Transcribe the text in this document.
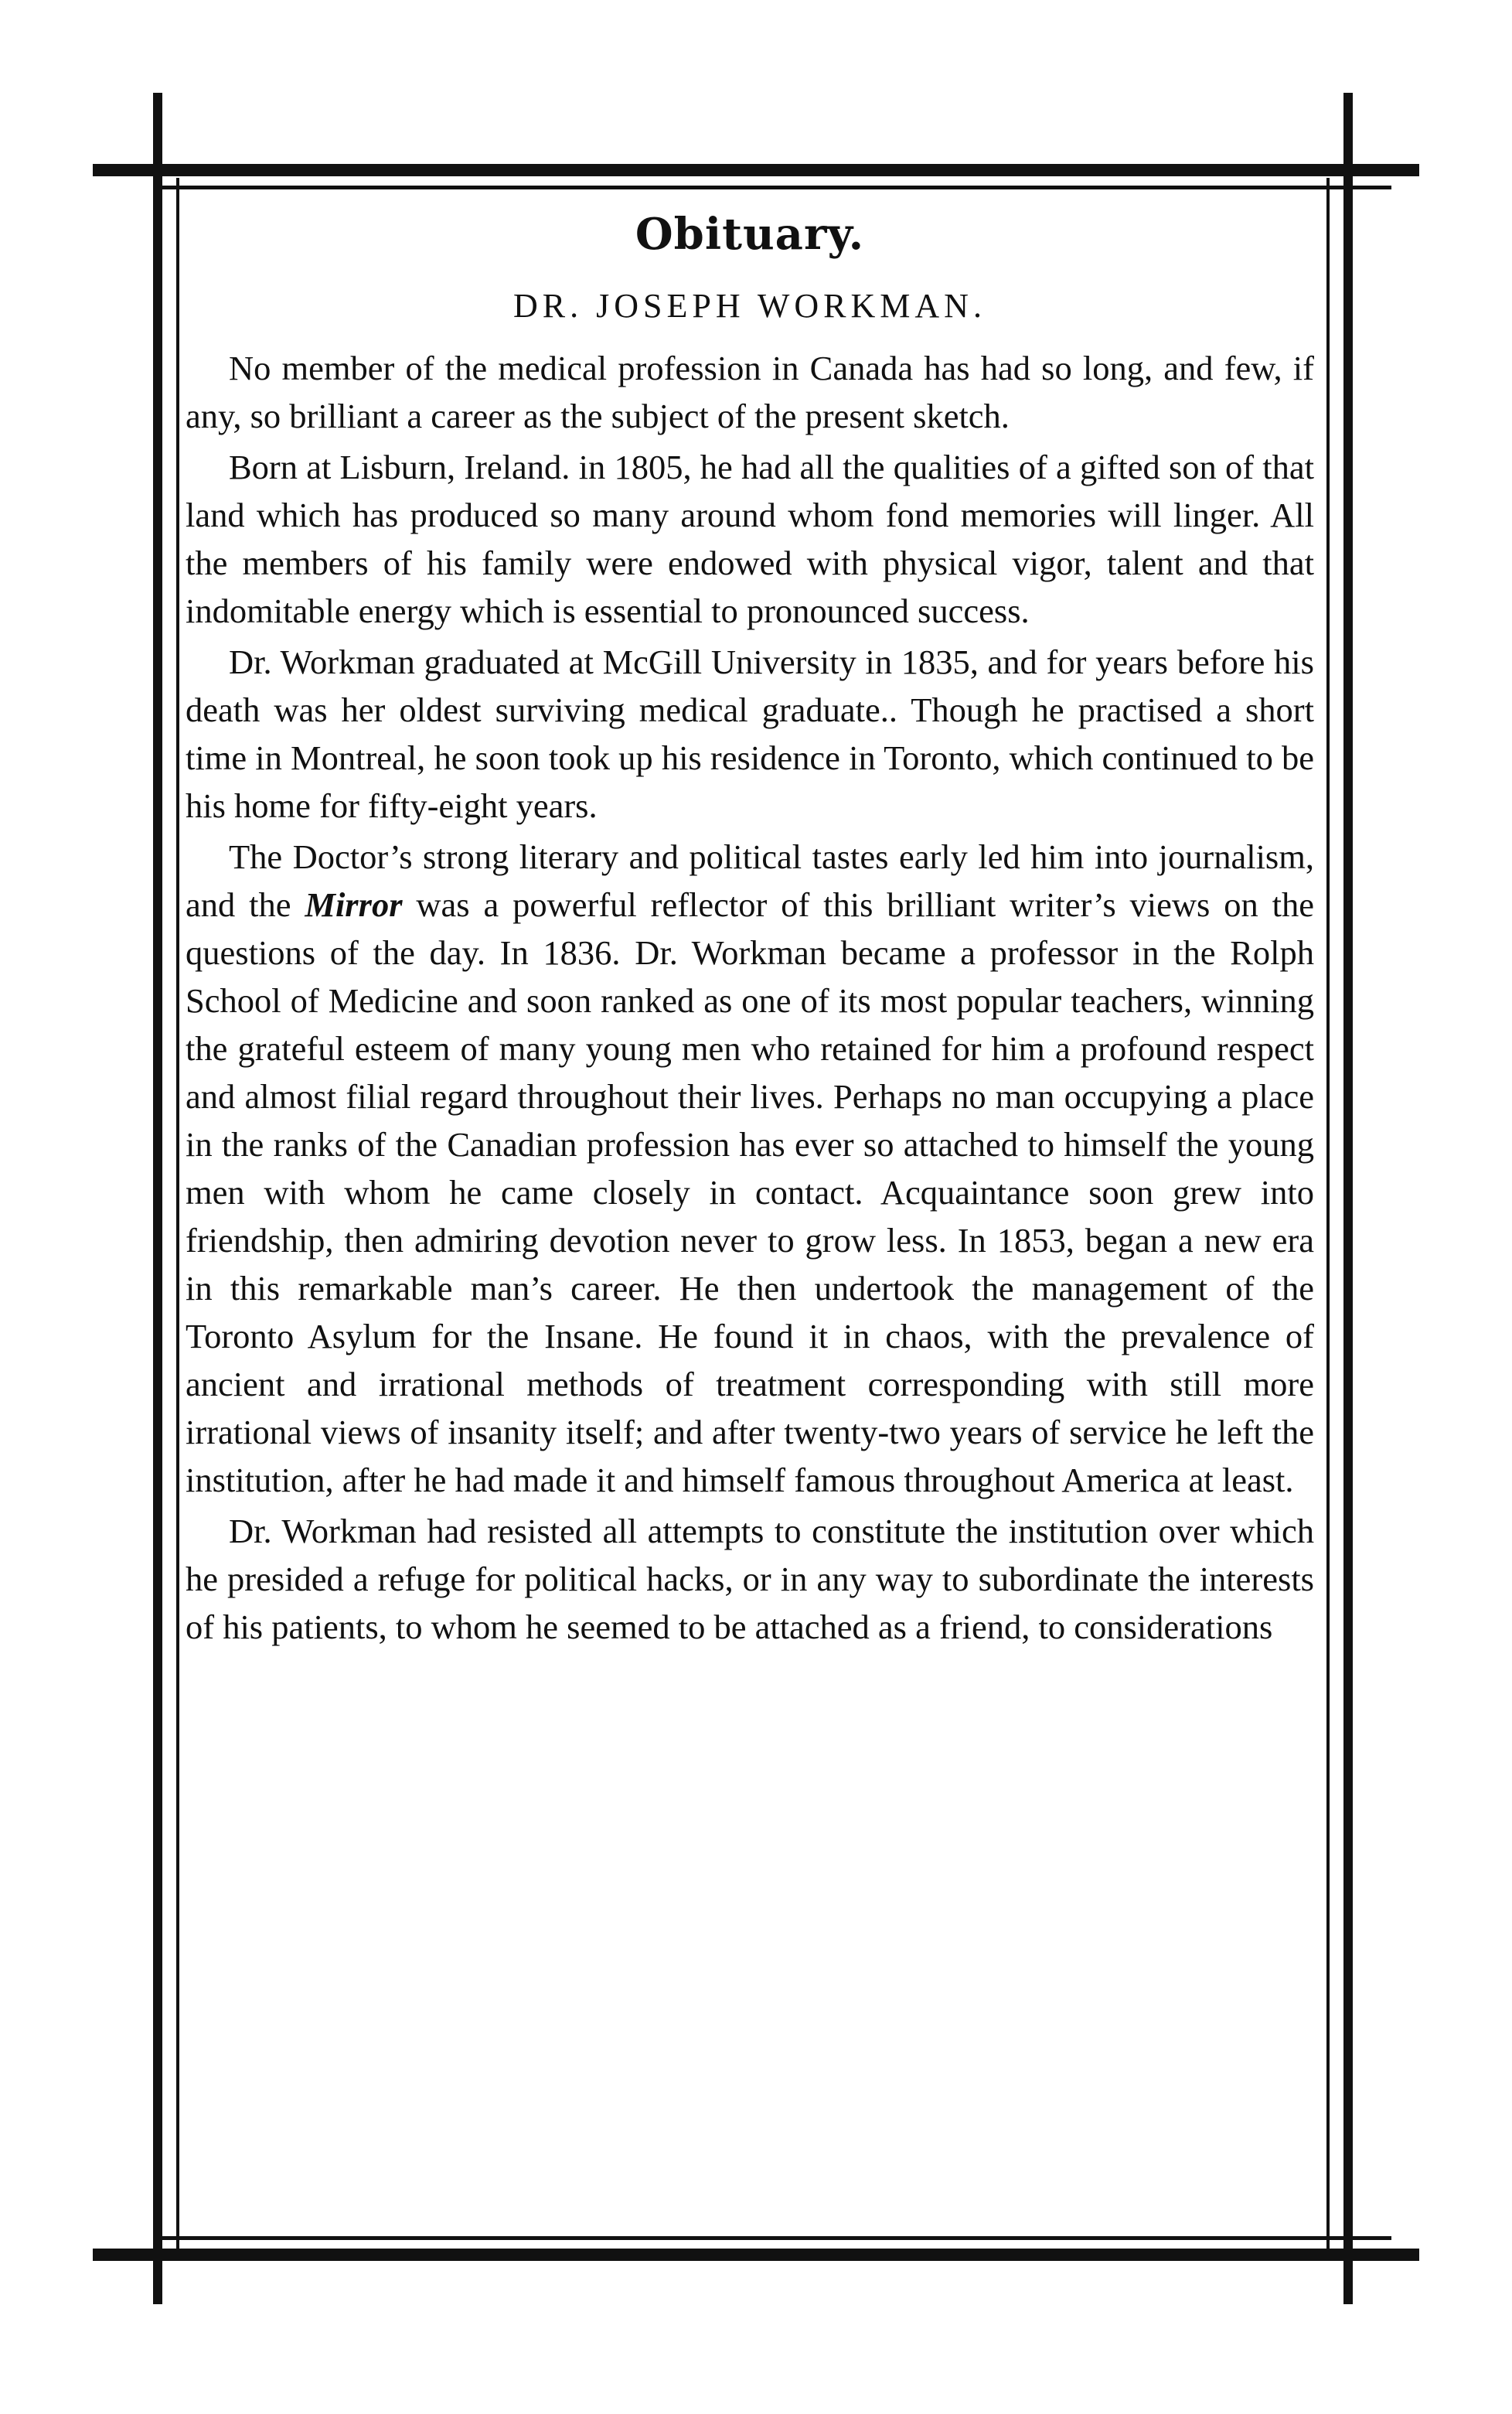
Obituary.
DR. JOSEPH WORKMAN.

No member of the medical profession in Canada has had so long, and few, if any, so brilliant a career as the subject of the present sketch.

Born at Lisburn, Ireland. in 1805, he had all the qualities of a gifted son of that land which has produced so many around whom fond memories will linger. All the members of his family were endowed with physical vigor, talent and that indomitable energy which is essential to pronounced success.

Dr. Workman graduated at McGill University in 1835, and for years before his death was her oldest surviving medical graduate.. Though he practised a short time in Montreal, he soon took up his residence in Toronto, which continued to be his home for fifty-eight years.

The Doctor’s strong literary and political tastes early led him into journalism, and the Mirror was a powerful reflector of this brilliant writer’s views on the questions of the day. In 1836. Dr. Workman became a professor in the Rolph School of Medicine and soon ranked as one of its most popular teachers, winning the grateful esteem of many young men who retained for him a profound respect and almost filial regard throughout their lives. Perhaps no man occupying a place in the ranks of the Canadian profession has ever so attached to himself the young men with whom he came closely in contact. Acquaintance soon grew into friendship, then admiring devotion never to grow less. In 1853, began a new era in this remarkable man’s career. He then undertook the management of the Toronto Asylum for the Insane. He found it in chaos, with the prevalence of ancient and irrational methods of treatment corresponding with still more irrational views of insanity itself; and after twenty-two years of service he left the institution, after he had made it and himself famous throughout America at least.

Dr. Workman had resisted all attempts to constitute the institution over which he presided a refuge for political hacks, or in any way to subordinate the interests of his patients, to whom he seemed to be attached as a friend, to considerations
